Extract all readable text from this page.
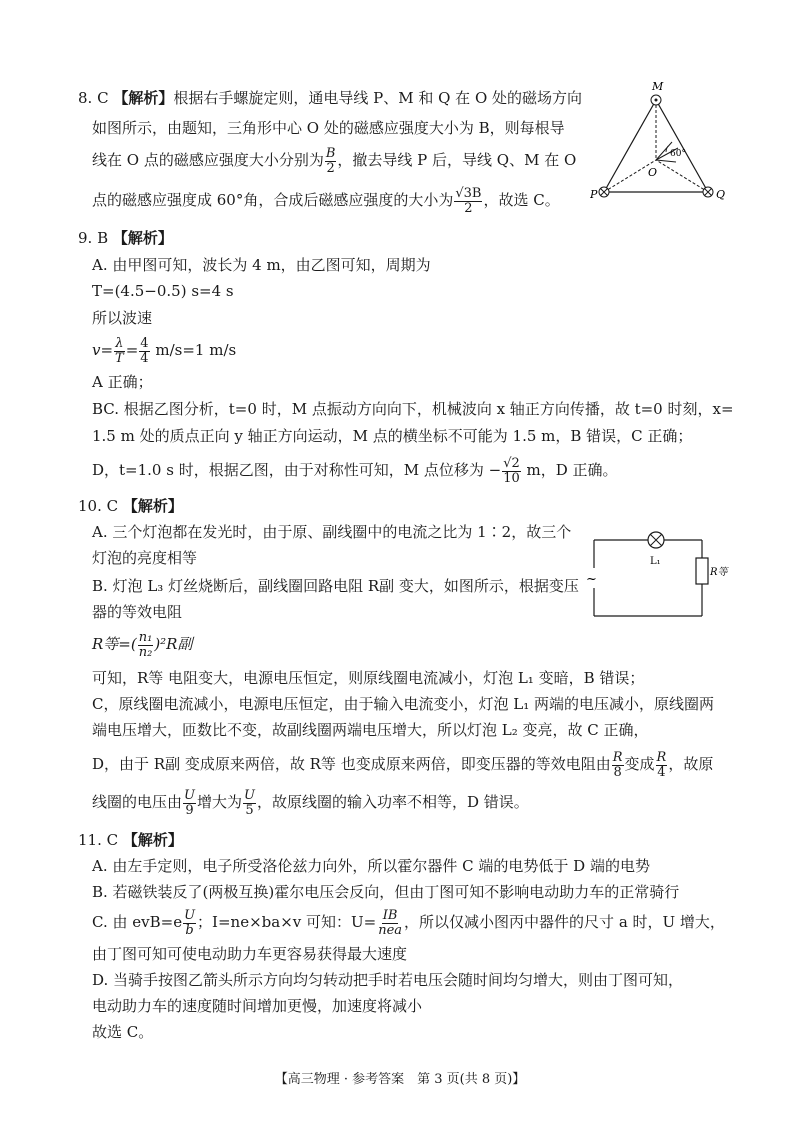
8. C 【解析】根据右手螺旋定则，通电导线 P、M 和 Q 在 O 处的磁场方向
如图所示，由题知，三角形中心 O 处的磁感应强度大小为 B，则每根导
线在 O 点的磁感应强度大小分别为 $\frac{B}{2}$ ，撤去导线 P 后，导线 Q、M 在 O
点的磁感应强度成 60°角，合成后磁感应强度的大小为 $\frac{√3B}{2}$ ，故选 C。
M
P	Q
O
60°
9. B 【解析】
A. 由甲图可知，波长为 4 m，由乙图可知，周期为
T=(4.5−0.5) s=4 s
所以波速
$v= \frac{\lambda}{T} = \frac{4}{4} m/s=1$ m/s
A 正确；
BC. 根据乙图分析，t=0 时，M 点振动方向向下，机械波向 x 轴正方向传播，故 t=0 时刻，x=
1.5 m 处的质点正向 y 轴正方向运动，M 点的横坐标不可能为 1.5 m，B 错误，C 正确；
D，t=1.0 s 时，根据乙图，由于对称性可知，M 点位移为 − $\frac{√2}{10}$ m，D 正确。
10. C 【解析】
A. 三个灯泡都在发光时，由于原、副线圈中的电流之比为 1∶2，故三个
灯泡的亮度相等
B. 灯泡 L₃ 灯丝烧断后，副线圈回路电阻 R副 变大，如图所示，根据变压
器的等效电阻
R等=( $\frac{\text{n₁}}{\text{n₂}} )^2R$副
可知，R等 电阻变大，电源电压恒定，则原线圈电流减小，灯泡 L₁ 变暗，B 错误；
C，原线圈电流减小，电源电压恒定，由于输入电流变小，灯泡 L₁ 两端的电压减小，原线圈两
端电压增大，匝数比不变，故副线圈两端电压增大，所以灯泡 L₂ 变亮，故 C 正确，
D，由于 R副 变成原来两倍，故 R等 也变成原来两倍，即变压器的等效电阻由 $\frac{R}{8}$ 变成 $\frac{R}{4}$ ，故原
线圈的电压由 $\frac{U}{9}$ 增大为 $\frac{U}{5}$ ，故原线圈的输入功率不相等，D 错误。
L₁
R等
~
11. C 【解析】
A. 由左手定则，电子所受洛伦兹力向外，所以霍尔器件 C 端的电势低于 D 端的电势
B. 若磁铁装反了(两极互换)霍尔电压会反向，但由丁图可知不影响电动助力车的正常骑行
C. 由 $evB=e \frac{U}{b}$ ；I=ne×ba×v 可知：$U= \frac{IB}{\text{nea}}$ ，所以仅减小图丙中器件的尺寸 a 时，U 增大，
由丁图可知可使电动助力车更容易获得最大速度
D. 当骑手按图乙箭头所示方向均匀转动把手时若电压会随时间均匀增大，则由丁图可知，
电动助力车的速度随时间增加更慢，加速度将减小
故选 C。
【高三物理 · 参考答案　第 3 页(共 8 页)】
